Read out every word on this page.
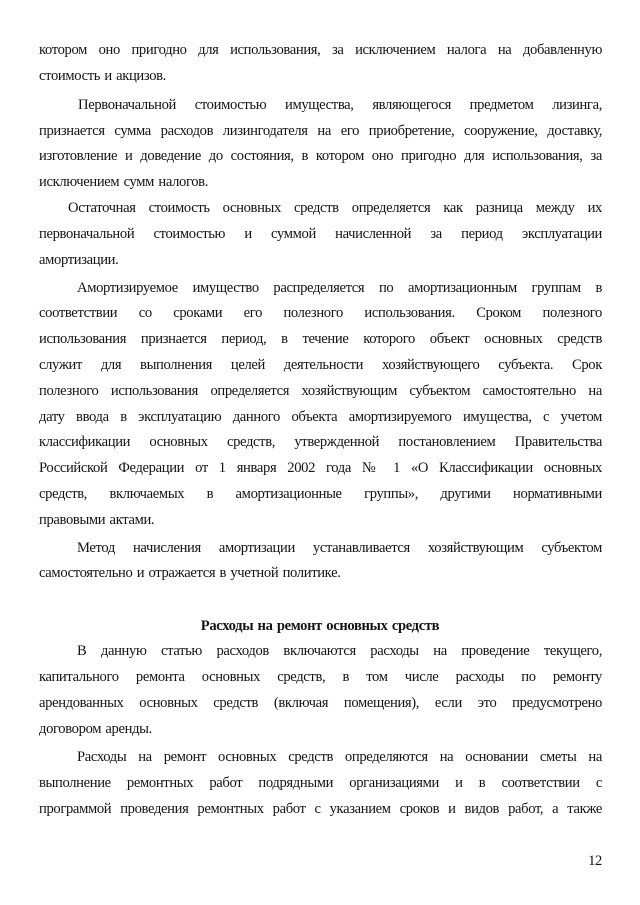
котором оно пригодно для использования, за исключением налога на добавленную
стоимость и акцизов.
Первоначальной стоимостью имущества, являющегося предметом лизинга,
признается сумма расходов лизингодателя на его приобретение, сооружение, доставку,
изготовление и доведение до состояния, в котором оно пригодно для использования, за
исключением сумм налогов.
Остаточная стоимость основных средств определяется как разница между их
первоначальной стоимостью и суммой начисленной за период эксплуатации
амортизации.
Амортизируемое имущество распределяется по амортизационным группам в
соответствии со сроками его полезного использования. Сроком полезного
использования признается период, в течение которого объект основных средств
служит для выполнения целей деятельности хозяйствующего субъекта. Срок
полезного использования определяется хозяйствующим субъектом самостоятельно на
дату ввода в эксплуатацию данного объекта амортизируемого имущества, с учетом
классификации основных средств, утвержденной постановлением Правительства
Российской Федерации от 1 января 2002 года № 1 «О Классификации основных
средств, включаемых в амортизационные группы», другими нормативными
правовыми актами.
Метод начисления амортизации устанавливается хозяйствующим субъектом
самостоятельно и отражается в учетной политике.
Расходы на ремонт основных средств
В данную статью расходов включаются расходы на проведение текущего,
капитального ремонта основных средств, в том числе расходы по ремонту
арендованных основных средств (включая помещения), если это предусмотрено
договором аренды.
Расходы на ремонт основных средств определяются на основании сметы на
выполнение ремонтных работ подрядными организациями и в соответствии с
программой проведения ремонтных работ с указанием сроков и видов работ, а также
12
